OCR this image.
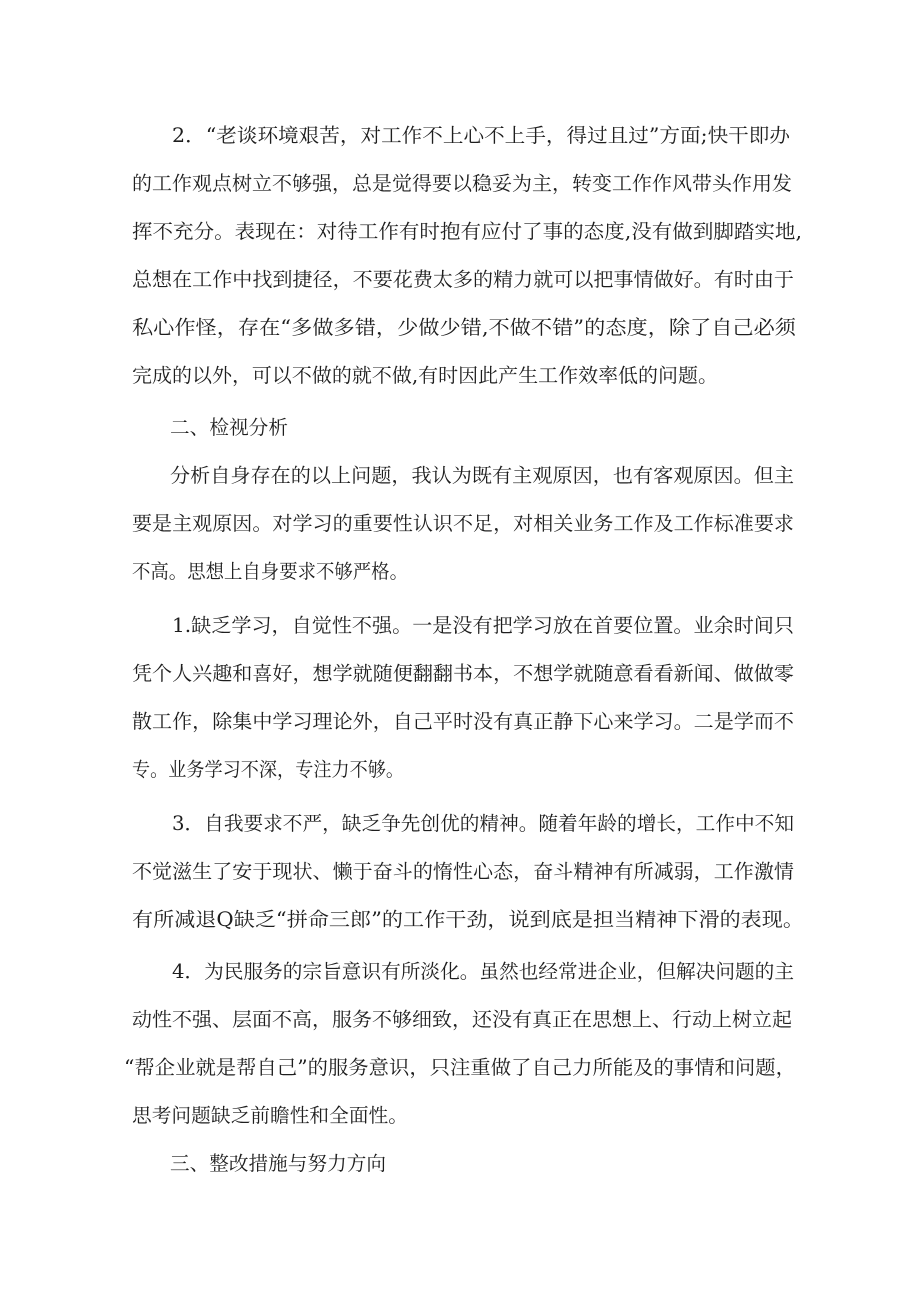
2．“老谈环境艰苦，对工作不上心不上手，得过且过”方面;快干即办
的工作观点树立不够强，总是觉得要以稳妥为主，转变工作作风带头作用发
挥不充分。表现在：对待工作有时抱有应付了事的态度,没有做到脚踏实地,
总想在工作中找到捷径，不要花费太多的精力就可以把事情做好。有时由于
私心作怪，存在“多做多错，少做少错,不做不错”的态度，除了自己必须
完成的以外，可以不做的就不做,有时因此产生工作效率低的问题。
二、检视分析
分析自身存在的以上问题，我认为既有主观原因，也有客观原因。但主
要是主观原因。对学习的重要性认识不足，对相关业务工作及工作标准要求
不高。思想上自身要求不够严格。
1.缺乏学习，自觉性不强。一是没有把学习放在首要位置。业余时间只
凭个人兴趣和喜好，想学就随便翻翻书本，不想学就随意看看新闻、做做零
散工作，除集中学习理论外，自己平时没有真正静下心来学习。二是学而不
专。业务学习不深，专注力不够。
3．自我要求不严，缺乏争先创优的精神。随着年龄的增长，工作中不知
不觉滋生了安于现状、懒于奋斗的惰性心态，奋斗精神有所减弱，工作激情
有所减退Q缺乏“拼命三郎”的工作干劲，说到底是担当精神下滑的表现。
4．为民服务的宗旨意识有所淡化。虽然也经常进企业，但解决问题的主
动性不强、层面不高，服务不够细致，还没有真正在思想上、行动上树立起
“帮企业就是帮自己”的服务意识，只注重做了自己力所能及的事情和问题，
思考问题缺乏前瞻性和全面性。
三、整改措施与努力方向
